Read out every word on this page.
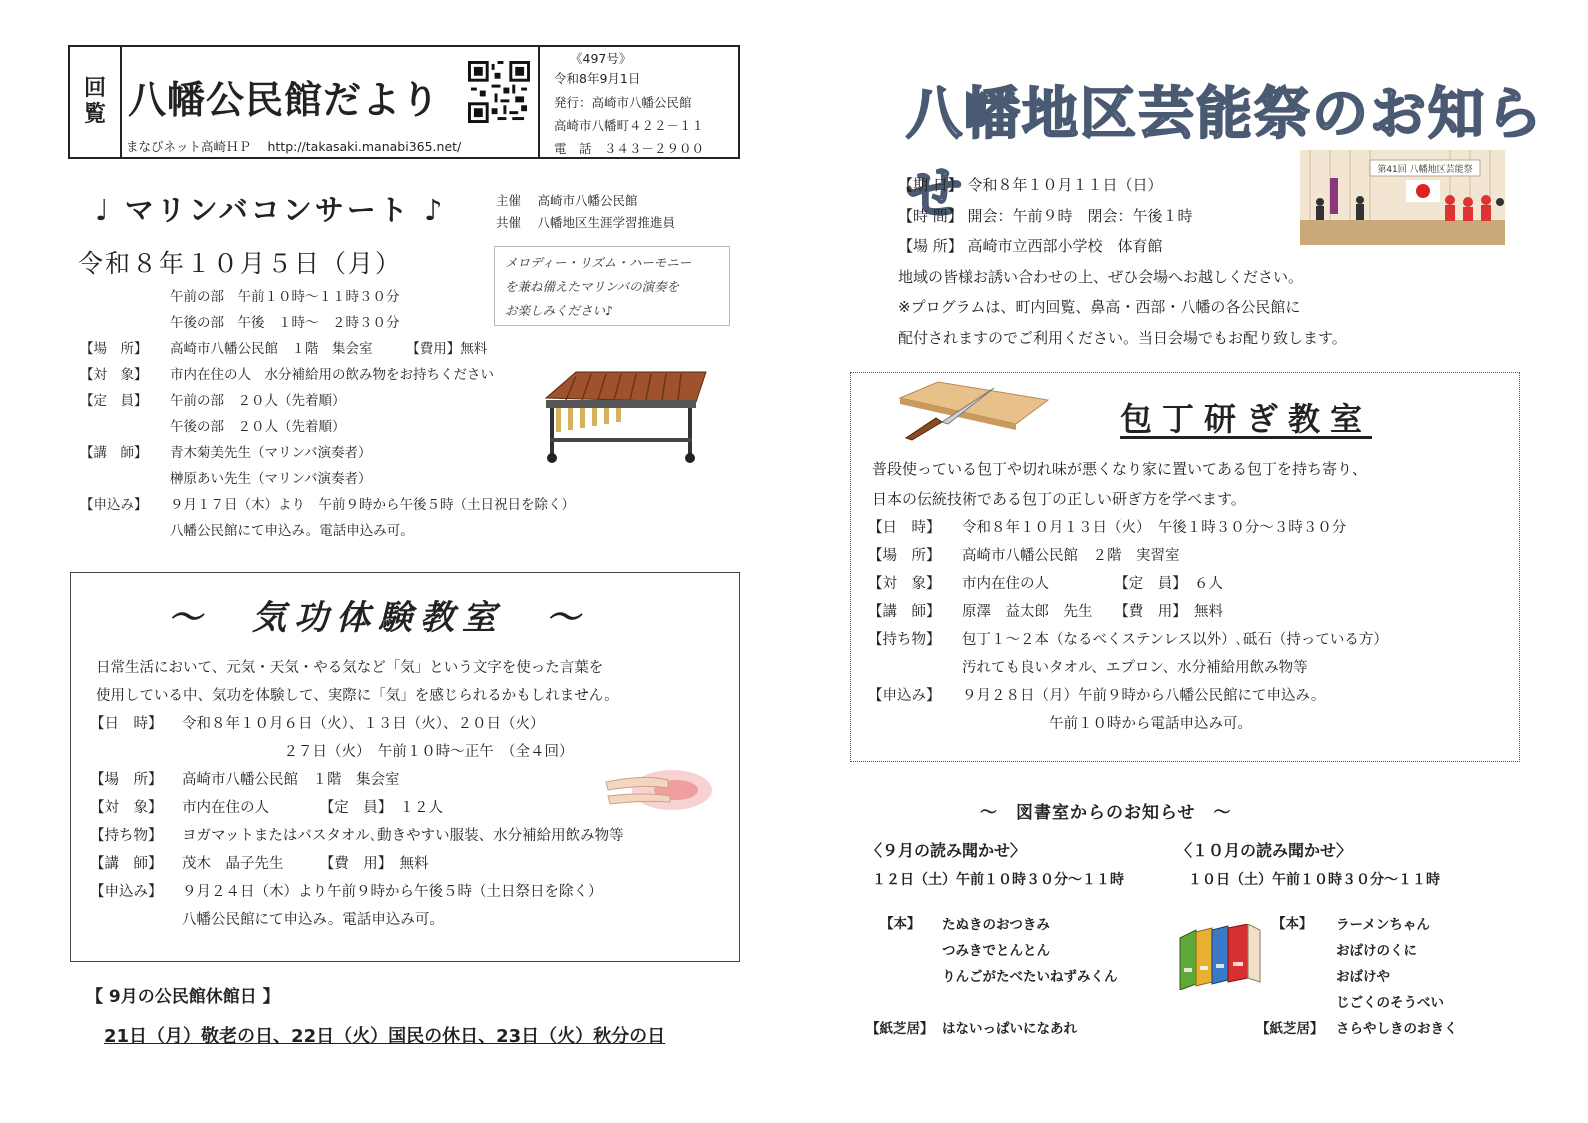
回
覧 八幡公民館だより
まなびネット高崎ＨＰ　 http://takasaki.manabi365.net/
《497号》
令和8年9月1日
発行：高崎市八幡公民館
高崎市八幡町４２２－１１
電　話　３４３－２９００
♩ マリンバコンサート ♪	主催　 高崎市八幡公民館
共催　 八幡地区生涯学習推進員
令和８年１０月５日（月）
午前の部　午前１０時～１１時３０分
午後の部　午後　１時～　２時３０分
メロディー・リズム・ハーモニー
を兼ね備えたマリンバの演奏を
お楽しみください♪
【場　所】 高崎市八幡公民館　１階　集会室　　　【費用】無料
【対　象】 市内在住の人　水分補給用の飲み物をお持ちください
【定　員】 午前の部　２０人（先着順）
午後の部　２０人（先着順）
【講　師】 青木菊美先生（マリンバ演奏者）
榊原あい先生（マリンバ演奏者）
【申込み】 ９月１７日（木）より　午前９時から午後５時（土日祝日を除く）
八幡公民館にて申込み。電話申込み可。
～　気功体験教室　～
日常生活において、元気・天気・やる気など「気」という文字を使った言葉を
使用している中、気功を体験して、実際に「気」を感じられるかもしれません。
【日　時】 令和８年１０月６日（火）、１３日（火）、２０日（火）
　　　　　　　２７日（火）　午前１０時～正午　（全４回）
【場　所】 高崎市八幡公民館　１階　集会室
【対　象】 市内在住の人　　　　【定　員】　１２人
【持ち物】 ヨガマットまたはバスタオル､動きやすい服装、水分補給用飲み物等
【講　師】 茂木　晶子先生　　　【費　用】　無料
【申込み】 ９月２４日（木）より午前９時から午後５時（土日祭日を除く）
八幡公民館にて申込み。電話申込み可。
【 9月の公民館休館日 】
21日（月）敬老の日、22日（火）国民の休日、23日（火）秋分の日
八幡地区芸能祭のお知らせ	第41回 八幡地区芸能祭
【期 日】 令和８年１０月１１日（日）
【時 間】 開会：午前９時　閉会：午後１時
【場 所】 高崎市立西部小学校　体育館
地域の皆様お誘い合わせの上、ぜひ会場へお越しください。
※プログラムは、町内回覧、鼻高・西部・八幡の各公民館に
配付されますのでご利用ください。当日会場でもお配り致します。
包丁研ぎ教室
普段使っている包丁や切れ味が悪くなり家に置いてある包丁を持ち寄り、
日本の伝統技術である包丁の正しい研ぎ方を学べます。
【日　時】 令和８年１０月１３日（火）　午後１時３０分～３時３０分
【場　所】 高崎市八幡公民館　２階　実習室
【対　象】 市内在住の人　　　　　【定　員】　６人
【講　師】 原澤　益太郎　先生　　【費　用】　無料
【持ち物】 包丁１～２本（なるべくステンレス以外）､砥石（持っている方）
汚れても良いタオル、エプロン、水分補給用飲み物等
【申込み】 ９月２８日（月）午前９時から八幡公民館にて申込み。
　　　　　　午前１０時から電話申込み可。
～　図書室からのお知らせ　～
〈９月の読み聞かせ〉
１２日（土）午前１０時３０分～１１時
【本】 たぬきのおつきみ
つみきでとんとん
りんごがたべたいねずみくん
【紙芝居】 はないっぱいになあれ
〈１０月の読み聞かせ〉
１０日（土）午前１０時３０分～１１時
【本】 ラーメンちゃん
おばけのくに
おばけや
じごくのそうべい
【紙芝居】 さらやしきのおきく
